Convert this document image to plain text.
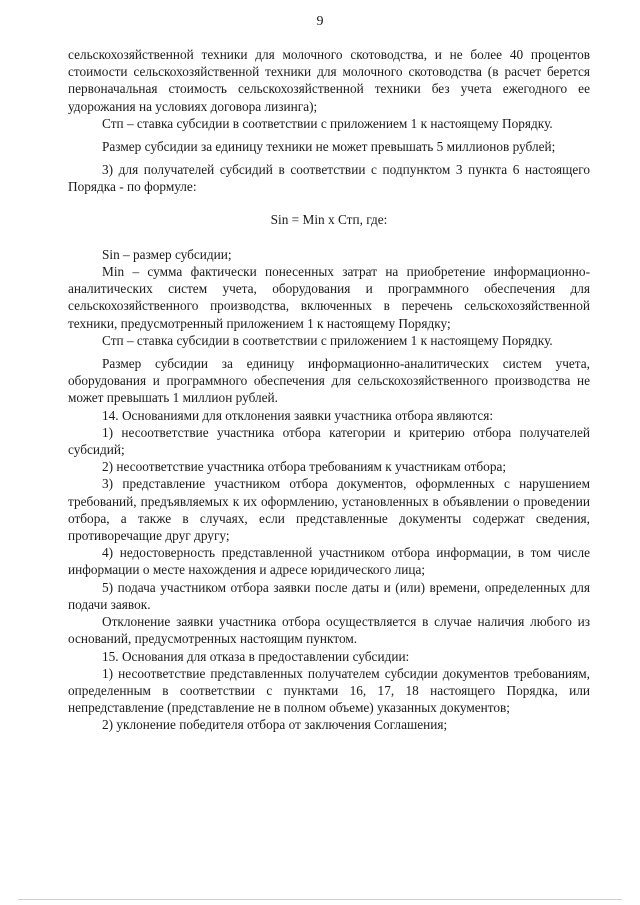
9

сельскохозяйственной техники для молочного скотоводства, и не более 40 процентов стоимости сельскохозяйственной техники для молочного скотоводства (в расчет берется первоначальная стоимость сельскохозяйственной техники без учета ежегодного ее удорожания на условиях договора лизинга);

Стп – ставка субсидии в соответствии с приложением 1 к настоящему Порядку.

Размер субсидии за единицу техники не может превышать 5 миллионов рублей;

3) для получателей субсидий в соответствии с подпунктом 3 пункта 6 настоящего Порядка - по формуле:

Sin = Min x Стп, где:

Sin – размер субсидии;

Min – сумма фактически понесенных затрат на приобретение информационно-аналитических систем учета, оборудования и программного обеспечения для сельскохозяйственного производства, включенных в перечень сельскохозяйственной техники, предусмотренный приложением 1 к настоящему Порядку;

Стп – ставка субсидии в соответствии с приложением 1 к настоящему Порядку.

Размер субсидии за единицу информационно-аналитических систем учета, оборудования и программного обеспечения для сельскохозяйственного производства не может превышать 1 миллион рублей.

14. Основаниями для отклонения заявки участника отбора являются:

1) несоответствие участника отбора категории и критерию отбора получателей субсидий;

2) несоответствие участника отбора требованиям к участникам отбора;

3) представление участником отбора документов, оформленных с нарушением требований, предъявляемых к их оформлению, установленных в объявлении о проведении отбора, а также в случаях, если представленные документы содержат сведения, противоречащие друг другу;

4) недостоверность представленной участником отбора информации, в том числе информации о месте нахождения и адресе юридического лица;

5) подача участником отбора заявки после даты и (или) времени, определенных для подачи заявок.

Отклонение заявки участника отбора осуществляется в случае наличия любого из оснований, предусмотренных настоящим пунктом.

15. Основания для отказа в предоставлении субсидии:

1) несоответствие представленных получателем субсидии документов требованиям, определенным в соответствии с пунктами 16, 17, 18 настоящего Порядка, или непредставление (представление не в полном объеме) указанных документов;

2) уклонение победителя отбора от заключения Соглашения;
